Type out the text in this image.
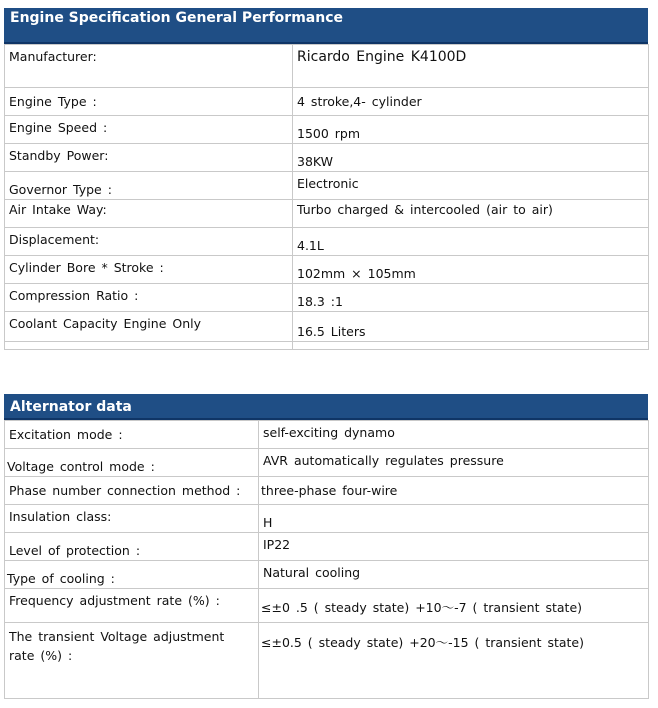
Engine Specification General Performance
Manufacturer:	Ricardo Engine K4100D
Engine Type :	4 stroke,4- cylinder
Engine Speed :	1500 rpm
Standby Power:	38KW
Governor Type :	Electronic
Air Intake Way:	Turbo charged & intercooled (air to air)
Displacement:	4.1L
Cylinder Bore * Stroke :	102mm × 105mm
Compression Ratio :	18.3 :1
Coolant Capacity Engine Only	16.5 Liters

Alternator data
Excitation mode :	self-exciting dynamo
Voltage control mode :	AVR automatically regulates pressure
Phase number connection method :	three-phase four-wire
Insulation class:	H
Level of protection :	IP22
Type of cooling :	Natural cooling
Frequency adjustment rate (%) :	≤±0 .5 ( steady state) +10～-7 ( transient state)
The transient Voltage adjustment rate (%) :	≤±0.5 ( steady state) +20～-15 ( transient state)
